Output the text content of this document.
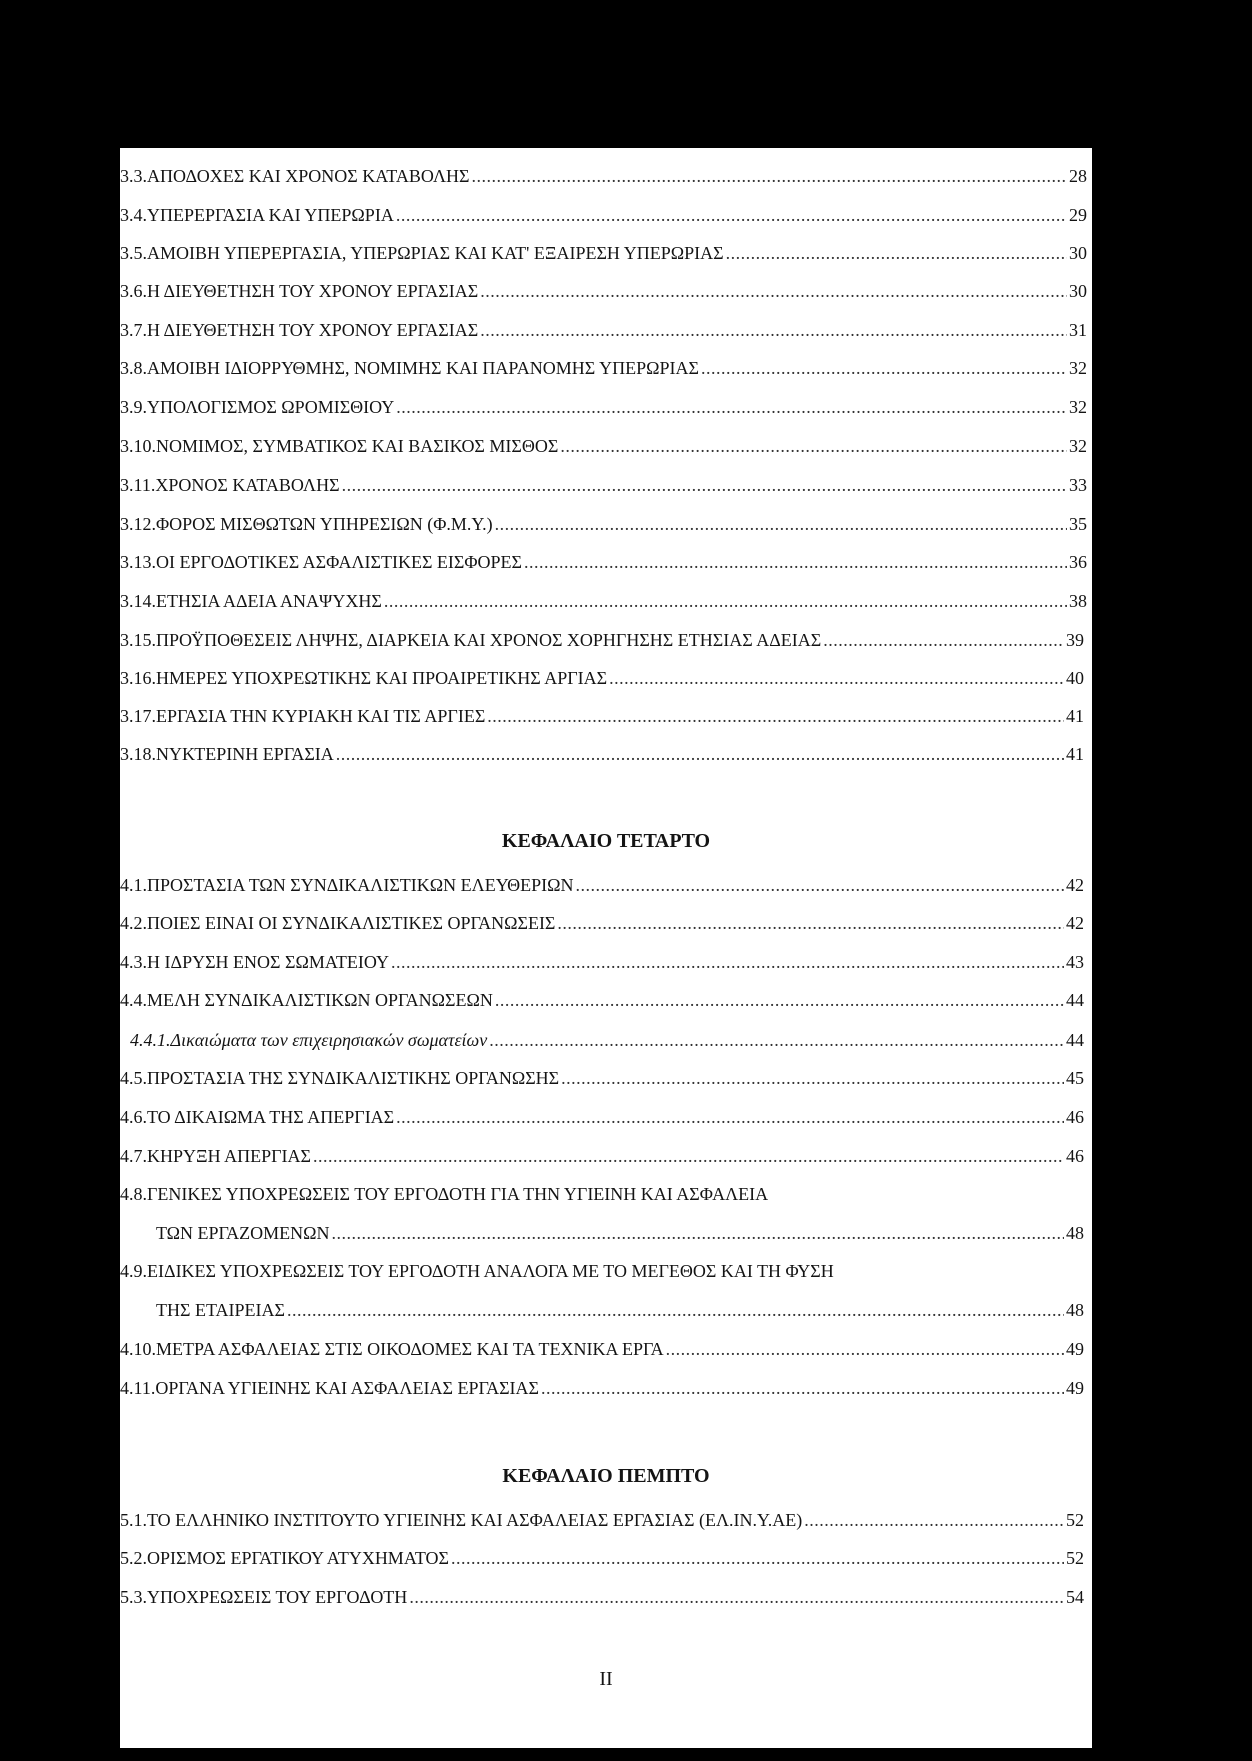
3.3.ΑΠΟΔΟΧΕΣ ΚΑΙ ΧΡΟΝΟΣ ΚΑΤΑΒΟΛΗΣ .....	28
3.4.ΥΠΕΡΕΡΓΑΣΙΑ ΚΑΙ ΥΠΕΡΩΡΙΑ .....	29
3.5.ΑΜΟΙΒΗ ΥΠΕΡΕΡΓΑΣΙΑ, ΥΠΕΡΩΡΙΑΣ ΚΑΙ ΚΑΤ' ΕΞΑΙΡΕΣΗ ΥΠΕΡΩΡΙΑΣ .....	30
3.6.Η ΔΙΕΥΘΕΤΗΣΗ ΤΟΥ ΧΡΟΝΟΥ ΕΡΓΑΣΙΑΣ .....	30
3.7.Η ΔΙΕΥΘΕΤΗΣΗ ΤΟΥ ΧΡΟΝΟΥ ΕΡΓΑΣΙΑΣ .....	31
3.8.ΑΜΟΙΒΗ ΙΔΙΟΡΡΥΘΜΗΣ, ΝΟΜΙΜΗΣ ΚΑΙ ΠΑΡΑΝΟΜΗΣ ΥΠΕΡΩΡΙΑΣ .....	32
3.9.ΥΠΟΛΟΓΙΣΜΟΣ ΩΡΟΜΙΣΘΙΟΥ .....	32
3.10.ΝΟΜΙΜΟΣ, ΣΥΜΒΑΤΙΚΟΣ ΚΑΙ ΒΑΣΙΚΟΣ ΜΙΣΘΟΣ .....	32
3.11.ΧΡΟΝΟΣ ΚΑΤΑΒΟΛΗΣ .....	33
3.12.ΦΟΡΟΣ ΜΙΣΘΩΤΩΝ ΥΠΗΡΕΣΙΩΝ (Φ.Μ.Υ.) .....	35
3.13.ΟΙ ΕΡΓΟΔΟΤΙΚΕΣ ΑΣΦΑΛΙΣΤΙΚΕΣ ΕΙΣΦΟΡΕΣ .....	36
3.14.ΕΤΗΣΙΑ ΑΔΕΙΑ ΑΝΑΨΥΧΗΣ .....	38
3.15.ΠΡΟΫΠΟΘΕΣΕΙΣ ΛΗΨΗΣ, ΔΙΑΡΚΕΙΑ ΚΑΙ ΧΡΟΝΟΣ ΧΟΡΗΓΗΣΗΣ ΕΤΗΣΙΑΣ ΑΔΕΙΑΣ .....	39
3.16.ΗΜΕΡΕΣ ΥΠΟΧΡΕΩΤΙΚΗΣ ΚΑΙ ΠΡΟΑΙΡΕΤΙΚΗΣ ΑΡΓΙΑΣ .....	40
3.17.ΕΡΓΑΣΙΑ ΤΗΝ ΚΥΡΙΑΚΗ ΚΑΙ ΤΙΣ ΑΡΓΙΕΣ .....	41
3.18.ΝΥΚΤΕΡΙΝΗ ΕΡΓΑΣΙΑ .....	41
ΚΕΦΑΛΑΙΟ ΤΕΤΑΡΤΟ
4.1.ΠΡΟΣΤΑΣΙΑ ΤΩΝ ΣΥΝΔΙΚΑΛΙΣΤΙΚΩΝ ΕΛΕΥΘΕΡΙΩΝ .....	42
4.2.ΠΟΙΕΣ ΕΙΝΑΙ ΟΙ ΣΥΝΔΙΚΑΛΙΣΤΙΚΕΣ ΟΡΓΑΝΩΣΕΙΣ .....	42
4.3.Η ΙΔΡΥΣΗ ΕΝΟΣ ΣΩΜΑΤΕΙΟΥ .....	43
4.4.ΜΕΛΗ ΣΥΝΔΙΚΑΛΙΣΤΙΚΩΝ ΟΡΓΑΝΩΣΕΩΝ .....	44
4.4.1.Δικαιώματα των επιχειρησιακών σωματείων .....	44
4.5.ΠΡΟΣΤΑΣΙΑ ΤΗΣ ΣΥΝΔΙΚΑΛΙΣΤΙΚΗΣ ΟΡΓΑΝΩΣΗΣ .....	45
4.6.ΤΟ ΔΙΚΑΙΩΜΑ ΤΗΣ ΑΠΕΡΓΙΑΣ .....	46
4.7.ΚΗΡΥΞΗ ΑΠΕΡΓΙΑΣ .....	46
4.8.ΓΕΝΙΚΕΣ ΥΠΟΧΡΕΩΣΕΙΣ ΤΟΥ ΕΡΓΟΔΟΤΗ ΓΙΑ ΤΗΝ ΥΓΙΕΙΝΗ ΚΑΙ ΑΣΦΑΛΕΙΑ
ΤΩΝ ΕΡΓΑΖΟΜΕΝΩΝ .....	48
4.9.ΕΙΔΙΚΕΣ ΥΠΟΧΡΕΩΣΕΙΣ ΤΟΥ ΕΡΓΟΔΟΤΗ ΑΝΑΛΟΓΑ ΜΕ ΤΟ ΜΕΓΕΘΟΣ ΚΑΙ ΤΗ ΦΥΣΗ
ΤΗΣ ΕΤΑΙΡΕΙΑΣ .....	48
4.10.ΜΕΤΡΑ ΑΣΦΑΛΕΙΑΣ ΣΤΙΣ ΟΙΚΟΔΟΜΕΣ ΚΑΙ ΤΑ ΤΕΧΝΙΚΑ ΕΡΓΑ .....	49
4.11.ΟΡΓΑΝΑ ΥΓΙΕΙΝΗΣ ΚΑΙ ΑΣΦΑΛΕΙΑΣ ΕΡΓΑΣΙΑΣ .....	49
ΚΕΦΑΛΑΙΟ ΠΕΜΠΤΟ
5.1.ΤΟ ΕΛΛΗΝΙΚΟ ΙΝΣΤΙΤΟΥΤΟ ΥΓΙΕΙΝΗΣ ΚΑΙ ΑΣΦΑΛΕΙΑΣ ΕΡΓΑΣΙΑΣ (ΕΛ.ΙΝ.Υ.ΑΕ) .....	52
5.2.ΟΡΙΣΜΟΣ ΕΡΓΑΤΙΚΟΥ ΑΤΥΧΗΜΑΤΟΣ .....	52
5.3.ΥΠΟΧΡΕΩΣΕΙΣ ΤΟΥ ΕΡΓΟΔΟΤΗ .....	54
II
